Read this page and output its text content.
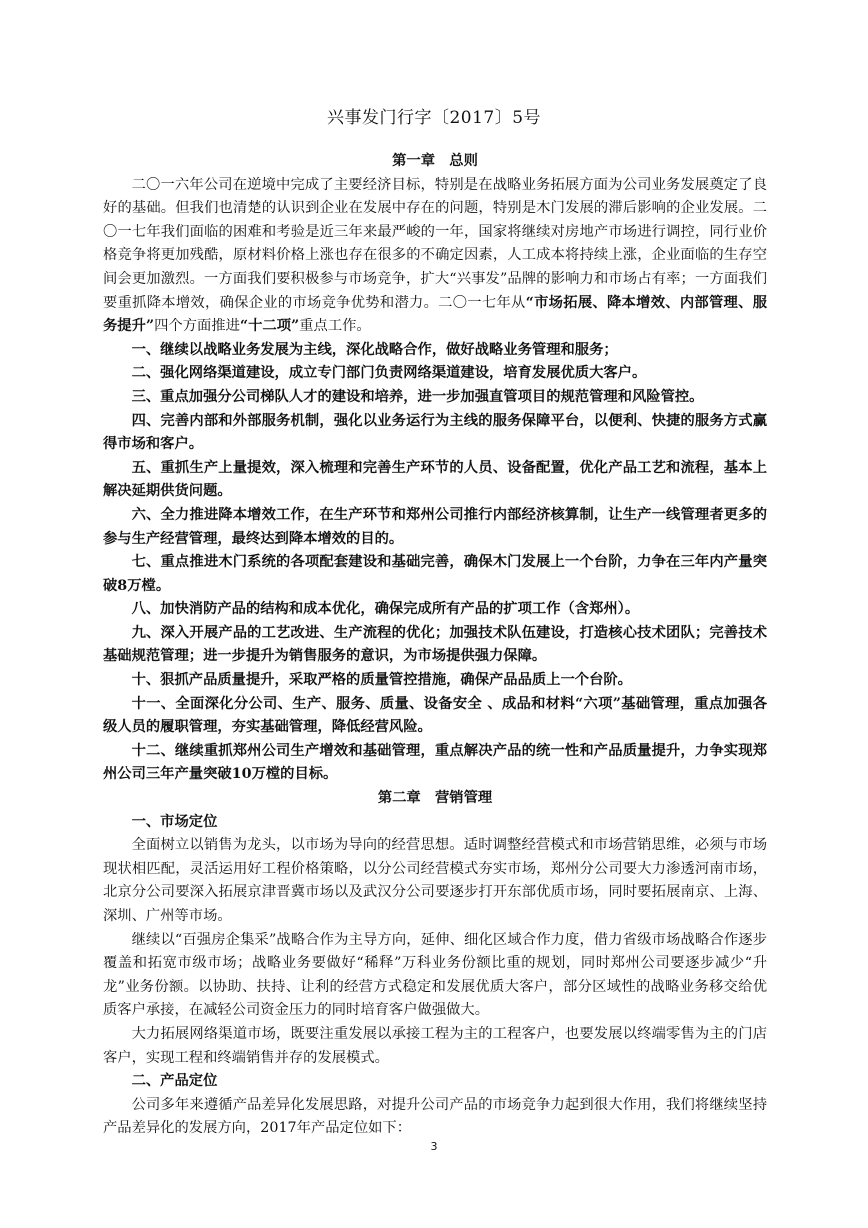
兴事发门行字〔2017〕5号

第一章　总则

二〇一六年公司在逆境中完成了主要经济目标，特别是在战略业务拓展方面为公司业务发展奠定了良好的基础。但我们也清楚的认识到企业在发展中存在的问题，特别是木门发展的滞后影响的企业发展。二〇一七年我们面临的困难和考验是近三年来最严峻的一年，国家将继续对房地产市场进行调控，同行业价格竞争将更加残酷，原材料价格上涨也存在很多的不确定因素，人工成本将持续上涨，企业面临的生存空间会更加激烈。一方面我们要积极参与市场竞争，扩大“兴事发”品牌的影响力和市场占有率；一方面我们要重抓降本增效，确保企业的市场竞争优势和潜力。二〇一七年从“市场拓展、降本增效、内部管理、服务提升”四个方面推进“十二项”重点工作。

一、继续以战略业务发展为主线，深化战略合作，做好战略业务管理和服务；

二、强化网络渠道建设，成立专门部门负责网络渠道建设，培育发展优质大客户。

三、重点加强分公司梯队人才的建设和培养，进一步加强直管项目的规范管理和风险管控。

四、完善内部和外部服务机制，强化以业务运行为主线的服务保障平台，以便利、快捷的服务方式赢得市场和客户。

五、重抓生产上量提效，深入梳理和完善生产环节的人员、设备配置，优化产品工艺和流程，基本上解决延期供货问题。

六、全力推进降本增效工作，在生产环节和郑州公司推行内部经济核算制，让生产一线管理者更多的参与生产经营管理，最终达到降本增效的目的。

七、重点推进木门系统的各项配套建设和基础完善，确保木门发展上一个台阶，力争在三年内产量突破8万樘。

八、加快消防产品的结构和成本优化，确保完成所有产品的扩项工作（含郑州）。

九、深入开展产品的工艺改进、生产流程的优化；加强技术队伍建设，打造核心技术团队；完善技术基础规范管理；进一步提升为销售服务的意识，为市场提供强力保障。

十、狠抓产品质量提升，采取严格的质量管控措施，确保产品品质上一个台阶。

十一、全面深化分公司、生产、服务、质量、设备安全 、成品和材料“六项”基础管理，重点加强各级人员的履职管理，夯实基础管理，降低经营风险。

十二、继续重抓郑州公司生产增效和基础管理，重点解决产品的统一性和产品质量提升，力争实现郑州公司三年产量突破10万樘的目标。

第二章　营销管理

一、市场定位

全面树立以销售为龙头，以市场为导向的经营思想。适时调整经营模式和市场营销思维，必须与市场现状相匹配，灵活运用好工程价格策略，以分公司经营模式夯实市场，郑州分公司要大力渗透河南市场，北京分公司要深入拓展京津晋冀市场以及武汉分公司要逐步打开东部优质市场，同时要拓展南京、上海、深圳、广州等市场。

继续以“百强房企集采”战略合作为主导方向，延伸、细化区域合作力度，借力省级市场战略合作逐步覆盖和拓宽市级市场；战略业务要做好“稀释”万科业务份额比重的规划，同时郑州公司要逐步减少“升龙”业务份额。以协助、扶持、让利的经营方式稳定和发展优质大客户，部分区域性的战略业务移交给优质客户承接，在减轻公司资金压力的同时培育客户做强做大。

大力拓展网络渠道市场，既要注重发展以承接工程为主的工程客户，也要发展以终端零售为主的门店客户，实现工程和终端销售并存的发展模式。

二、产品定位

公司多年来遵循产品差异化发展思路，对提升公司产品的市场竞争力起到很大作用，我们将继续坚持产品差异化的发展方向，2017年产品定位如下：

3
